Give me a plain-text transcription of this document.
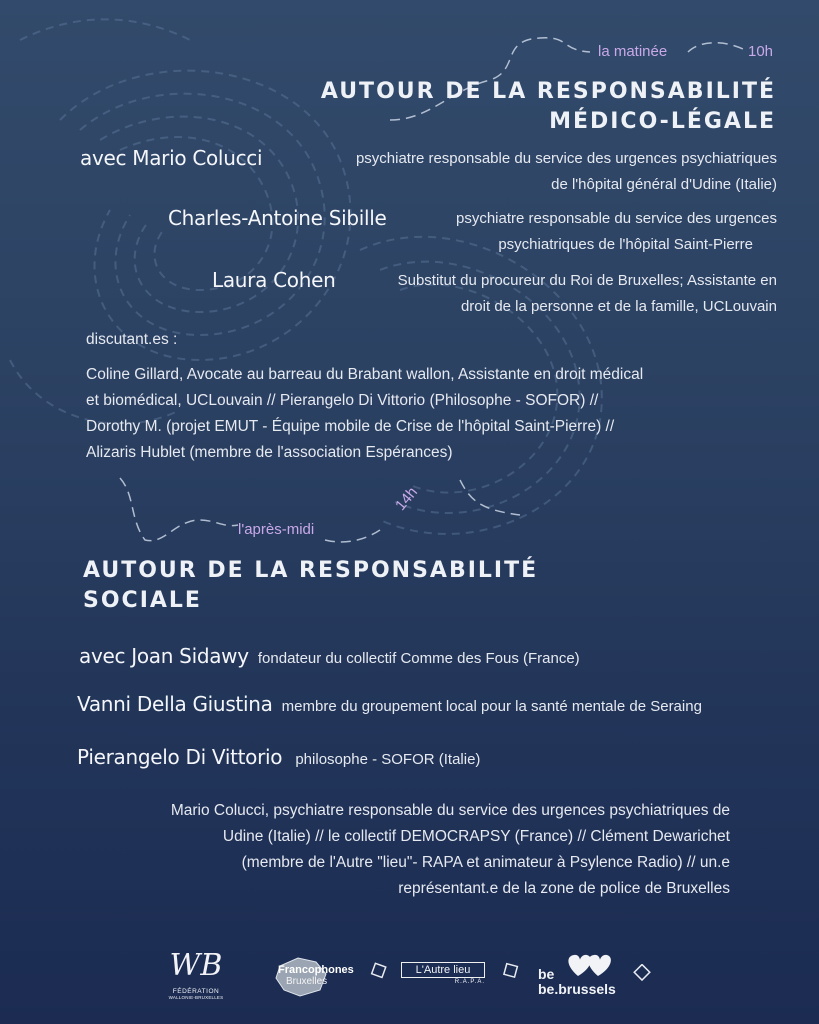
la matinée	10h
AUTOUR DE LA RESPONSABILITÉ
MÉDICO-LÉGALE
avec Mario Colucci	psychiatre responsable du service des urgences psychiatriques
de l'hôpital général d'Udine (Italie)
Charles-Antoine Sibille	psychiatre responsable du service des urgences
psychiatriques de l'hôpital Saint-Pierre
Laura Cohen	Substitut du procureur du Roi de Bruxelles; Assistante en
droit de la personne et de la famille, UCLouvain
discutant.es :
Coline Gillard, Avocate au barreau du Brabant wallon, Assistante en droit médical
et biomédical, UCLouvain // Pierangelo Di Vittorio (Philosophe - SOFOR) //
Dorothy M. (projet EMUT - Équipe mobile de Crise de l'hôpital Saint-Pierre) //
Alizaris Hublet (membre de l'association Espérances)
l'après-midi
14h
AUTOUR DE LA RESPONSABILITÉ
SOCIALE
avec Joan Sidawy fondateur du collectif Comme des Fous (France)
Vanni Della Giustina membre du groupement local pour la santé mentale de Seraing
Pierangelo Di Vittorio philosophe - SOFOR (Italie)
Mario Colucci, psychiatre responsable du service des urgences psychiatriques de
Udine (Italie) // le collectif DEMOCRAPSY (France) // Clément Dewarichet
(membre de l'Autre "lieu"- RAPA et animateur à Psylence Radio) // un.e
représentant.e de la zone de police de Bruxelles
WB
FÉDÉRATION
WALLONIE-BRUXELLES
Francophones
Bruxelles
L'Autre lieu
R.A.P.A.	be
be.brussels
